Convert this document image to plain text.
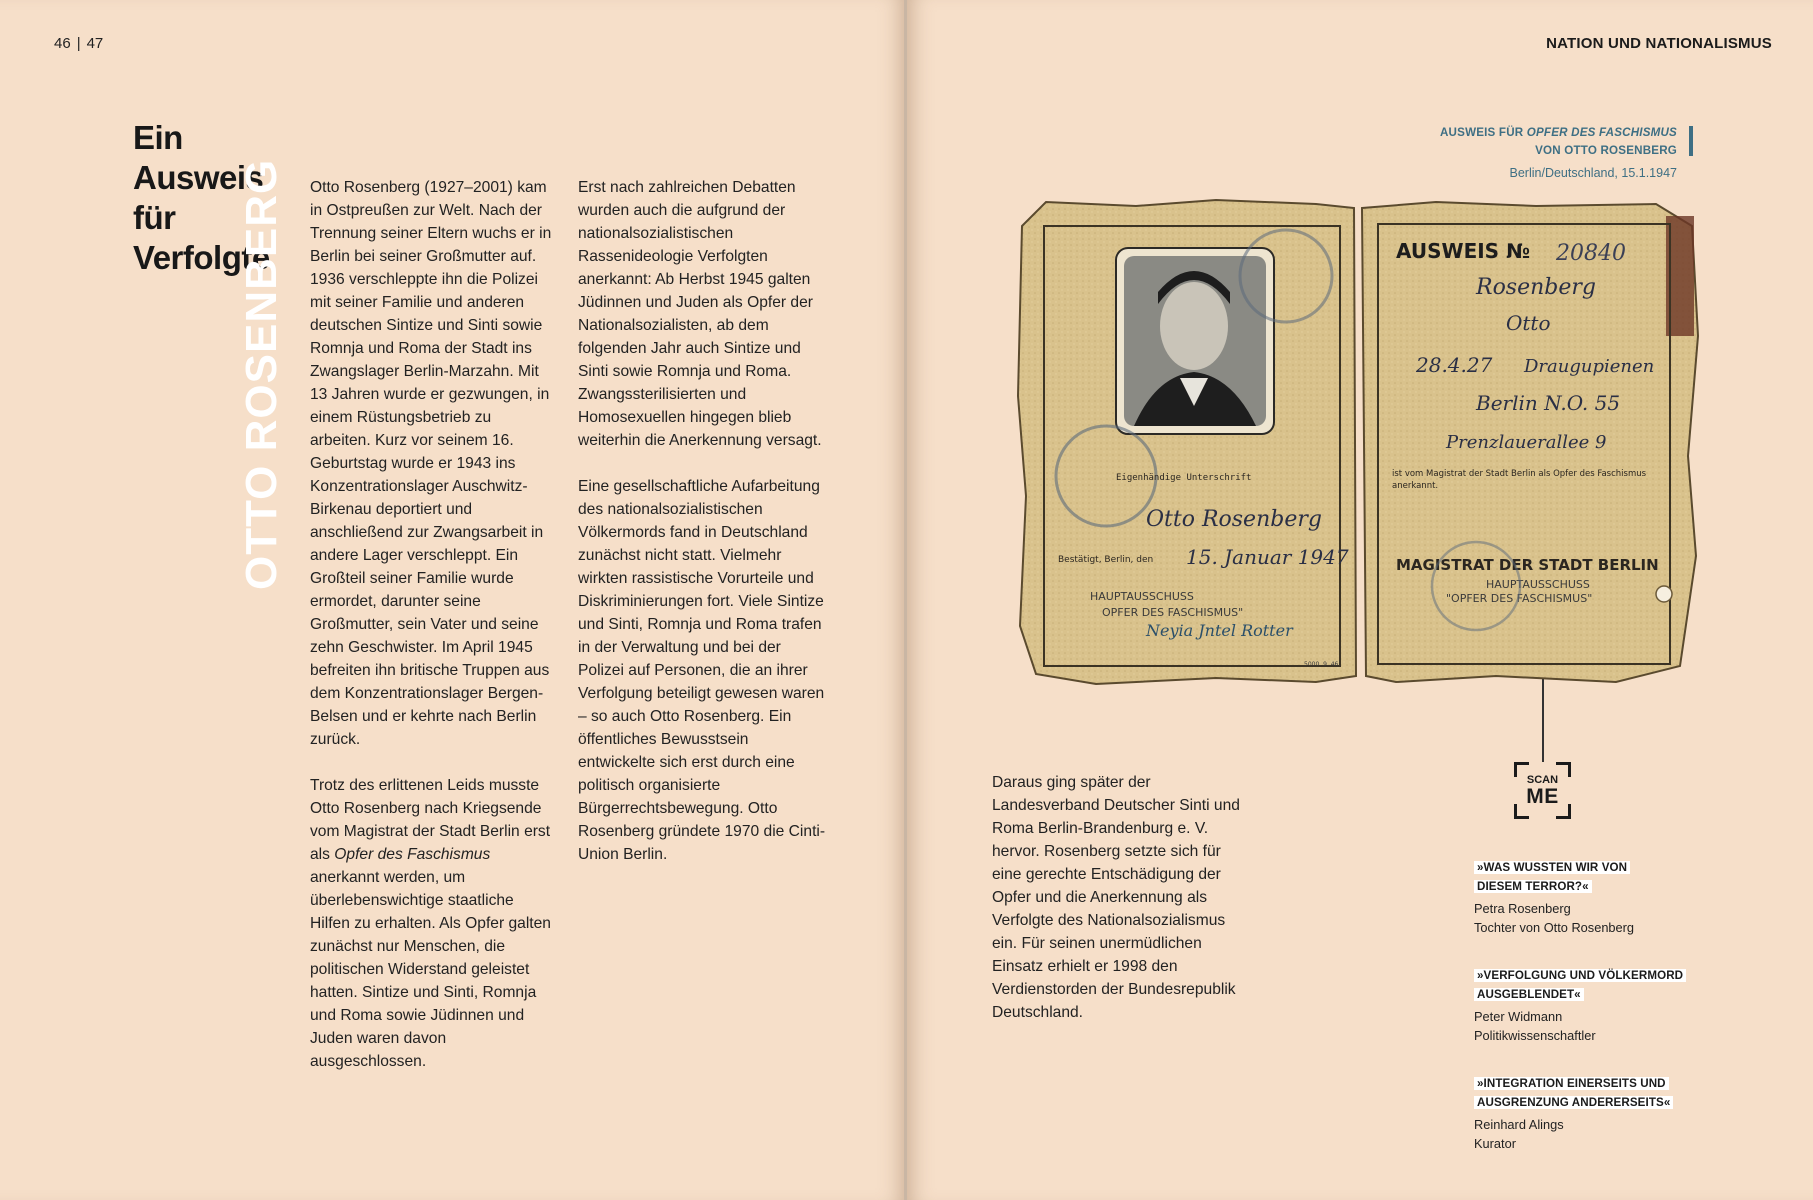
46 | 47
Ein Ausweis für Verfolgte
OTTO ROSENBERG Otto Rosenberg (1927–2001) kam in Ostpreußen zur Welt. Nach der Trennung seiner Eltern wuchs er in Berlin bei seiner Großmutter auf. 1936 verschleppte ihn die Polizei mit seiner Familie und anderen deutschen Sintize und Sinti sowie Romnja und Roma der Stadt ins Zwangslager Berlin-Marzahn. Mit 13 Jahren wurde er gezwungen, in einem Rüstungsbetrieb zu arbeiten. Kurz vor seinem 16. Geburtstag wurde er 1943 ins Konzentrationslager Auschwitz-Birkenau deportiert und anschließend zur Zwangsarbeit in andere Lager verschleppt. Ein Großteil seiner Familie wurde ermordet, darunter seine Großmutter, sein Vater und seine zehn Geschwister. Im April 1945 befreiten ihn britische Truppen aus dem Konzentrationslager Bergen-Belsen und er kehrte nach Berlin zurück.

Trotz des erlittenen Leids musste Otto Rosenberg nach Kriegsende vom Magistrat der Stadt Berlin erst als Opfer des Faschismus anerkannt werden, um überlebenswichtige staatliche Hilfen zu erhalten. Als Opfer galten zunächst nur Menschen, die politischen Widerstand geleistet hatten. Sintize und Sinti, Romnja und Roma sowie Jüdinnen und Juden waren davon ausgeschlossen.

Erst nach zahlreichen Debatten wurden auch die aufgrund der nationalsozialistischen Rassenideologie Verfolgten anerkannt: Ab Herbst 1945 galten Jüdinnen und Juden als Opfer der Nationalsozialisten, ab dem folgenden Jahr auch Sintize und Sinti sowie Romnja und Roma. Zwangssterilisierten und Homosexuellen hingegen blieb weiterhin die Anerkennung versagt.

Eine gesellschaftliche Aufarbeitung des nationalsozialistischen Völkermords fand in Deutschland zunächst nicht statt. Vielmehr wirkten rassistische Vorurteile und Diskriminierungen fort. Viele Sintize und Sinti, Romnja und Roma trafen in der Verwaltung und bei der Polizei auf Personen, die an ihrer Verfolgung beteiligt gewesen waren – so auch Otto Rosenberg. Ein öffentliches Bewusstsein entwickelte sich erst durch eine politisch organisierte Bürgerrechtsbewegung. Otto Rosenberg gründete 1970 die Cinti-Union Berlin.

NATION UND NATIONALISMUS
AUSWEIS FÜR OPFER DES FASCHISMUS
VON OTTO ROSENBERG
Berlin/Deutschland, 15.1.1947

Daraus ging später der Landesverband Deutscher Sinti und Roma Berlin-Brandenburg e. V. hervor. Rosenberg setzte sich für eine gerechte Entschädigung der Opfer und die Anerkennung als Verfolgte des Nationalsozialismus ein. Für seinen unermüdlichen Einsatz erhielt er 1998 den Verdienstorden der Bundesrepublik Deutschland.

SCAN
ME
»WAS WUSSTEN WIR VON DIESEM TERROR?«
Petra Rosenberg
Tochter von Otto Rosenberg
»VERFOLGUNG UND VÖLKERMORD AUSGEBLENDET«
Peter Widmann
Politikwissenschaftler
»INTEGRATION EINERSEITS UND AUSGRENZUNG ANDERERSEITS«
Reinhard Alings
Kurator
Eigenhändige Unterschrift
Otto Rosenberg
Bestätigt, Berlin, den 15. Januar 1947
HAUPTAUSSCHUSS
OPFER DES FASCHISMUS"
Neyia Jntel Rotter
5000. 9. 46
AUSWEIS № 20840
Rosenberg
Otto
28.4.27 Draugupienen
Berlin N.O. 55
Prenzlauerallee 9
ist vom Magistrat der Stadt Berlin als Opfer des Faschismus anerkannt.
MAGISTRAT DER STADT BERLIN
HAUPTAUSSCHUSS
"OPFER DES FASCHISMUS"
